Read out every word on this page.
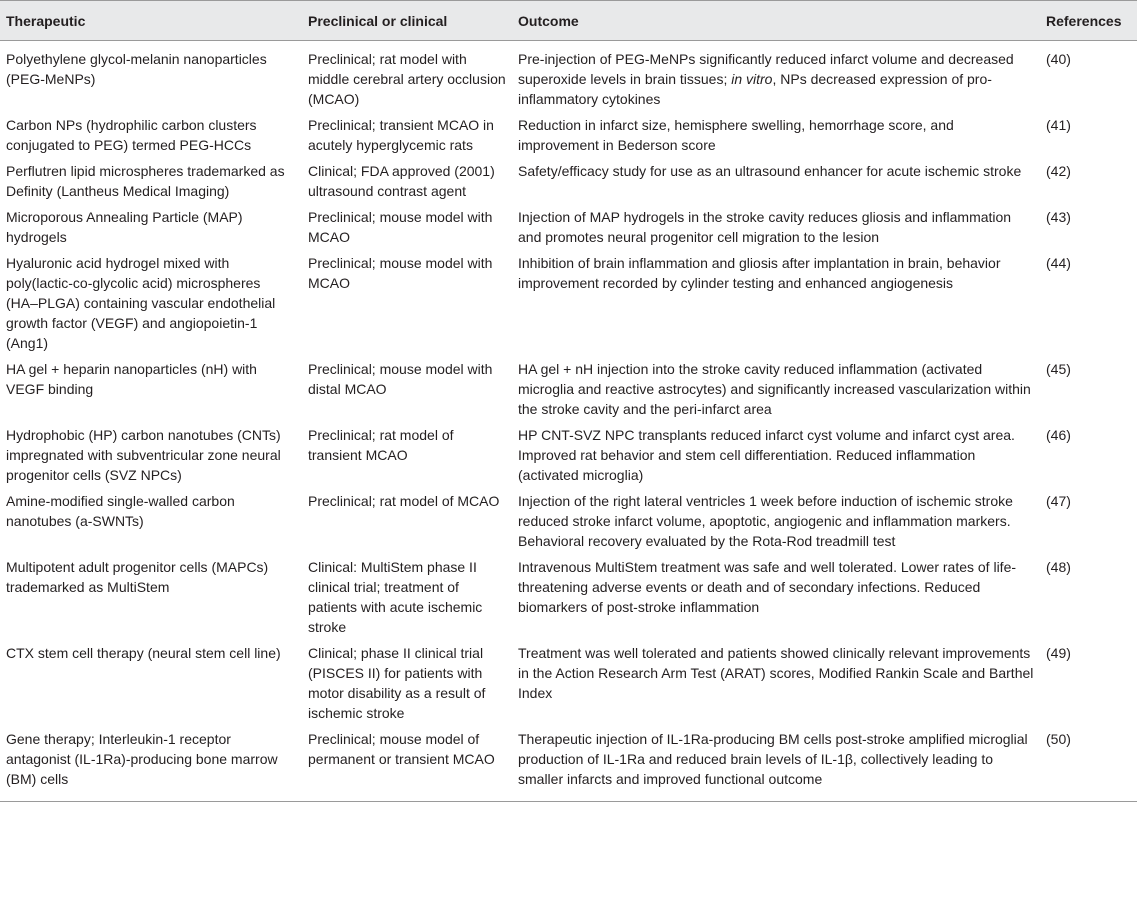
Therapeutic	Preclinical or clinical	Outcome	References
Polyethylene glycol-melanin nanoparticles (PEG-MeNPs)	Preclinical; rat model with middle cerebral artery occlusion (MCAO)	Pre-injection of PEG-MeNPs significantly reduced infarct volume and decreased superoxide levels in brain tissues; in vitro, NPs decreased expression of pro-inflammatory cytokines	(40)
Carbon NPs (hydrophilic carbon clusters conjugated to PEG) termed PEG-HCCs	Preclinical; transient MCAO in acutely hyperglycemic rats	Reduction in infarct size, hemisphere swelling, hemorrhage score, and improvement in Bederson score	(41)
Perflutren lipid microspheres trademarked as Definity (Lantheus Medical Imaging)	Clinical; FDA approved (2001) ultrasound contrast agent	Safety/efficacy study for use as an ultrasound enhancer for acute ischemic stroke	(42)
Microporous Annealing Particle (MAP) hydrogels	Preclinical; mouse model with MCAO	Injection of MAP hydrogels in the stroke cavity reduces gliosis and inflammation and promotes neural progenitor cell migration to the lesion	(43)
Hyaluronic acid hydrogel mixed with poly(lactic-co-glycolic acid) microspheres (HA–PLGA) containing vascular endothelial growth factor (VEGF) and angiopoietin-1 (Ang1)	Preclinical; mouse model with MCAO	Inhibition of brain inflammation and gliosis after implantation in brain, behavior improvement recorded by cylinder testing and enhanced angiogenesis	(44)
HA gel + heparin nanoparticles (nH) with VEGF binding	Preclinical; mouse model with distal MCAO	HA gel + nH injection into the stroke cavity reduced inflammation (activated microglia and reactive astrocytes) and significantly increased vascularization within the stroke cavity and the peri-infarct area	(45)
Hydrophobic (HP) carbon nanotubes (CNTs) impregnated with subventricular zone neural progenitor cells (SVZ NPCs)	Preclinical; rat model of transient MCAO	HP CNT-SVZ NPC transplants reduced infarct cyst volume and infarct cyst area. Improved rat behavior and stem cell differentiation. Reduced inflammation (activated microglia)	(46)
Amine-modified single-walled carbon nanotubes (a-SWNTs)	Preclinical; rat model of MCAO	Injection of the right lateral ventricles 1 week before induction of ischemic stroke reduced stroke infarct volume, apoptotic, angiogenic and inflammation markers. Behavioral recovery evaluated by the Rota-Rod treadmill test	(47)
Multipotent adult progenitor cells (MAPCs) trademarked as MultiStem	Clinical: MultiStem phase II clinical trial; treatment of patients with acute ischemic stroke	Intravenous MultiStem treatment was safe and well tolerated. Lower rates of life-threatening adverse events or death and of secondary infections. Reduced biomarkers of post-stroke inflammation	(48)
CTX stem cell therapy (neural stem cell line)	Clinical; phase II clinical trial (PISCES II) for patients with motor disability as a result of ischemic stroke	Treatment was well tolerated and patients showed clinically relevant improvements in the Action Research Arm Test (ARAT) scores, Modified Rankin Scale and Barthel Index	(49)
Gene therapy; Interleukin-1 receptor antagonist (IL-1Ra)-producing bone marrow (BM) cells	Preclinical; mouse model of permanent or transient MCAO	Therapeutic injection of IL-1Ra-producing BM cells post-stroke amplified microglial production of IL-1Ra and reduced brain levels of IL-1β, collectively leading to smaller infarcts and improved functional outcome	(50)
